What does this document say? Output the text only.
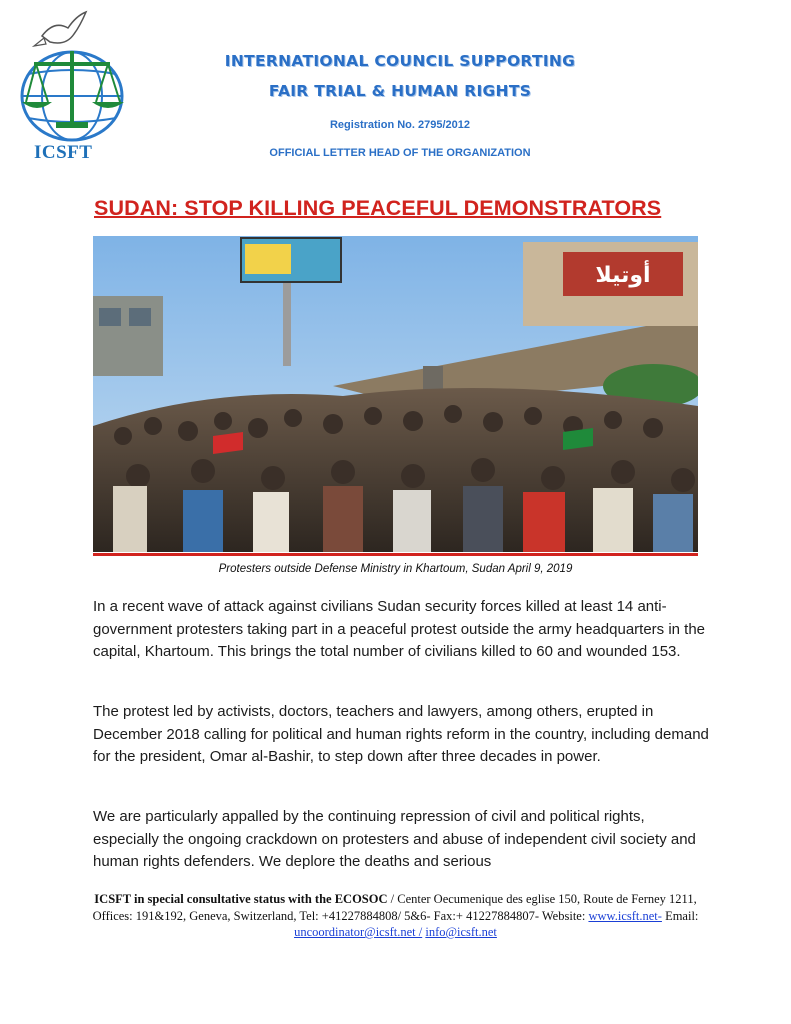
ICSFT
INTERNATIONAL COUNCIL SUPPORTING
FAIR TRIAL & HUMAN RIGHTS
Registration No. 2795/2012
OFFICIAL LETTER HEAD OF THE ORGANIZATION
SUDAN: STOP KILLING PEACEFUL DEMONSTRATORS
أوتيلا
Protesters outside Defense Ministry in Khartoum, Sudan April 9, 2019

In a recent wave of attack against civilians Sudan security forces killed at least 14 anti-government protesters taking part in a peaceful protest outside the army headquarters in the capital, Khartoum. This brings the total number of civilians killed to 60 and wounded 153.

The protest led by activists, doctors, teachers and lawyers, among others, erupted in December 2018 calling for political and human rights reform in the country, including demand for the president, Omar al-Bashir, to step down after three decades in power.

We are particularly appalled by the continuing repression of civil and political rights, especially the ongoing crackdown on protesters and abuse of independent civil society and human rights defenders. We deplore the deaths and serious

ICSFT in special consultative status with the ECOSOC / Center Oecumenique des eglise 150, Route de Ferney 1211, Offices: 191&192, Geneva, Switzerland, Tel: +41227884808/ 5&6- Fax:+ 41227884807- Website: www.icsft.net- Email: uncoordinator@icsft.net / info@icsft.net
